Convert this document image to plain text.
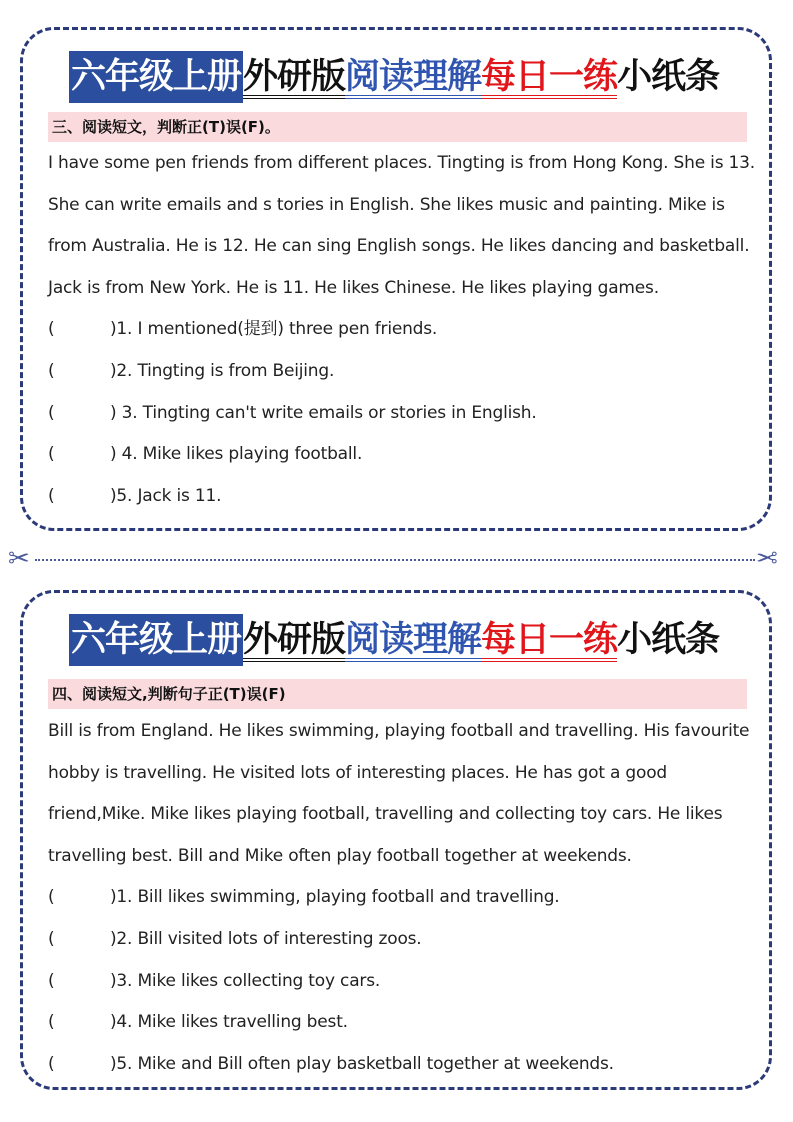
六年级上册外研版阅读理解每日一练小纸条
三、阅读短文，判断正(T)误(F)。
I have some pen friends from different places. Tingting is from Hong Kong. She is 13.
She can write emails and s tories in English. She likes music and painting. Mike is
from Australia. He is 12. He can sing English songs. He likes dancing and basketball.
Jack is from New York. He is 11. He likes Chinese. He likes playing games.
(	)1. I mentioned(提到) three pen friends.
(	)2. Tingting is from Beijing.
(	) 3. Tingting can't write emails or stories in English.
(	) 4. Mike likes playing football.
(	)5. Jack is 11.
✂	✂
六年级上册外研版阅读理解每日一练小纸条
四、阅读短文,判断句子正(T)误(F)
Bill is from England. He likes swimming, playing football and travelling. His favourite
hobby is travelling. He visited lots of interesting places. He has got a good
friend,Mike. Mike likes playing football, travelling and collecting toy cars. He likes
travelling best. Bill and Mike often play football together at weekends.
(	)1. Bill likes swimming, playing football and travelling.
(	)2. Bill visited lots of interesting zoos.
(	)3. Mike likes collecting toy cars.
(	)4. Mike likes travelling best.
(	)5. Mike and Bill often play basketball together at weekends.
